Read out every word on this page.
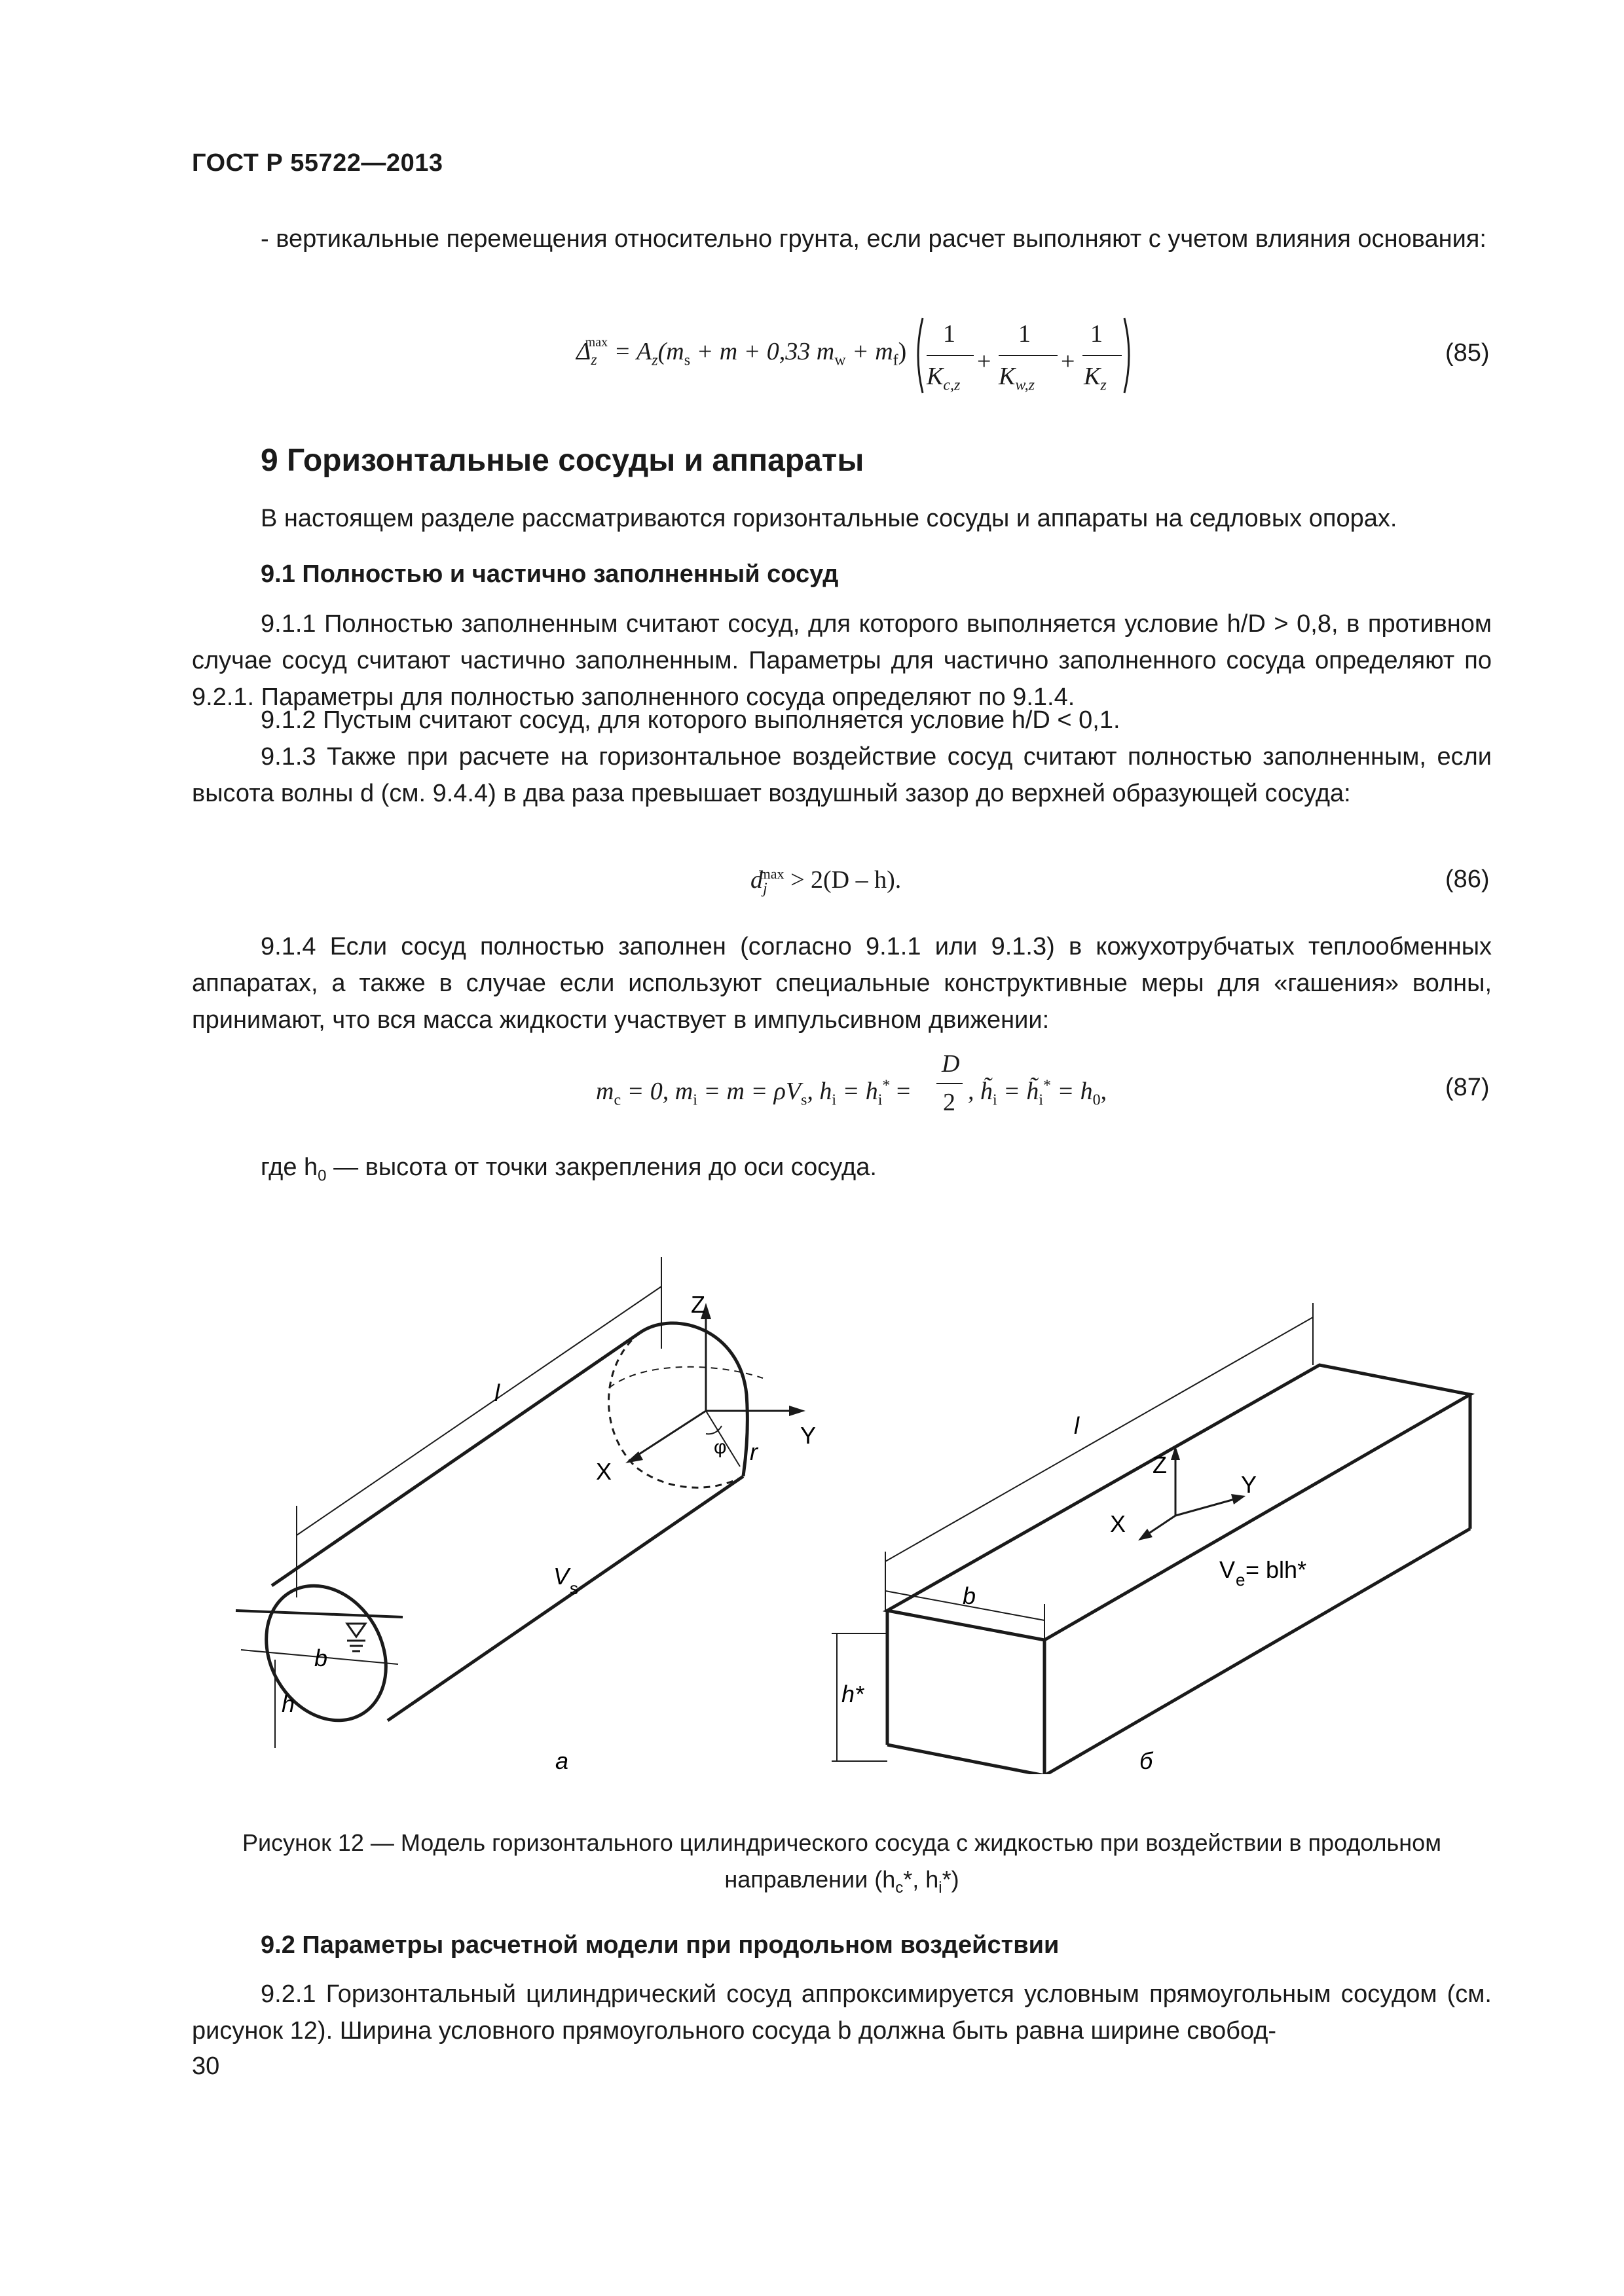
ГОСТ Р 55722—2013

- вертикальные перемещения относительно грунта, если расчет выполняют с учетом влияния основания:

$\Delta_z^{max} = A_z(m_s + m + 0,33$ $m_w + m_f$)
1
$K_{c,z}$
+
1
$K_{w,z}$
+
1
$K_z$
(85)
9 Горизонтальные сосуды и аппараты

В настоящем разделе рассматриваются горизонтальные сосуды и аппараты на седловых опорах.

9.1 Полностью и частично заполненный сосуд

9.1.1 Полностью заполненным считают сосуд, для которого выполняется условие h/D > 0,8, в противном случае сосуд считают частично заполненным. Параметры для частично заполненного сосуда определяют по 9.2.1. Параметры для полностью заполненного сосуда определяют по 9.1.4.

9.1.2 Пустым считают сосуд, для которого выполняется условие h/D < 0,1.

9.1.3 Также при расчете на горизонтальное воздействие сосуд считают полностью заполненным, если высота волны d (см. 9.4.4) в два раза превышает воздушный зазор до верхней образующей сосуда:

$d_j^{max} > 2(D - h)$.	(86)

9.1.4 Если сосуд полностью заполнен (согласно 9.1.1 или 9.1.3) в кожухотрубчатых теплообменных аппаратах, а также в случае если используют специальные конструктивные меры для «гашения» волны, принимают, что вся масса жидкости участвует в импульсивном движении:

$m_c = 0$, $m_i = m = \rho V_s$, $h_i = h_i^*$ =
D
2 , $h̃_i$ = $h̃_i^* = h_0$,	(87)
где $h_0$ — высота от точки закрепления до оси сосуда.
l
Z
Y
X
r
φ
V s
b
h
а
l
Z
Y
X
V e = blh*
b
h*
б
Рисунок 12 — Модель горизонтального цилиндрического сосуда с жидкостью при воздействии в продольном
направлении ($h_c*$, $h_i*$)
9.2 Параметры расчетной модели при продольном воздействии

9.2.1 Горизонтальный цилиндрический сосуд аппроксимируется условным прямоугольным сосудом (см. рисунок 12). Ширина условного прямоугольного сосуда b должна быть равна ширине свобод-

30
